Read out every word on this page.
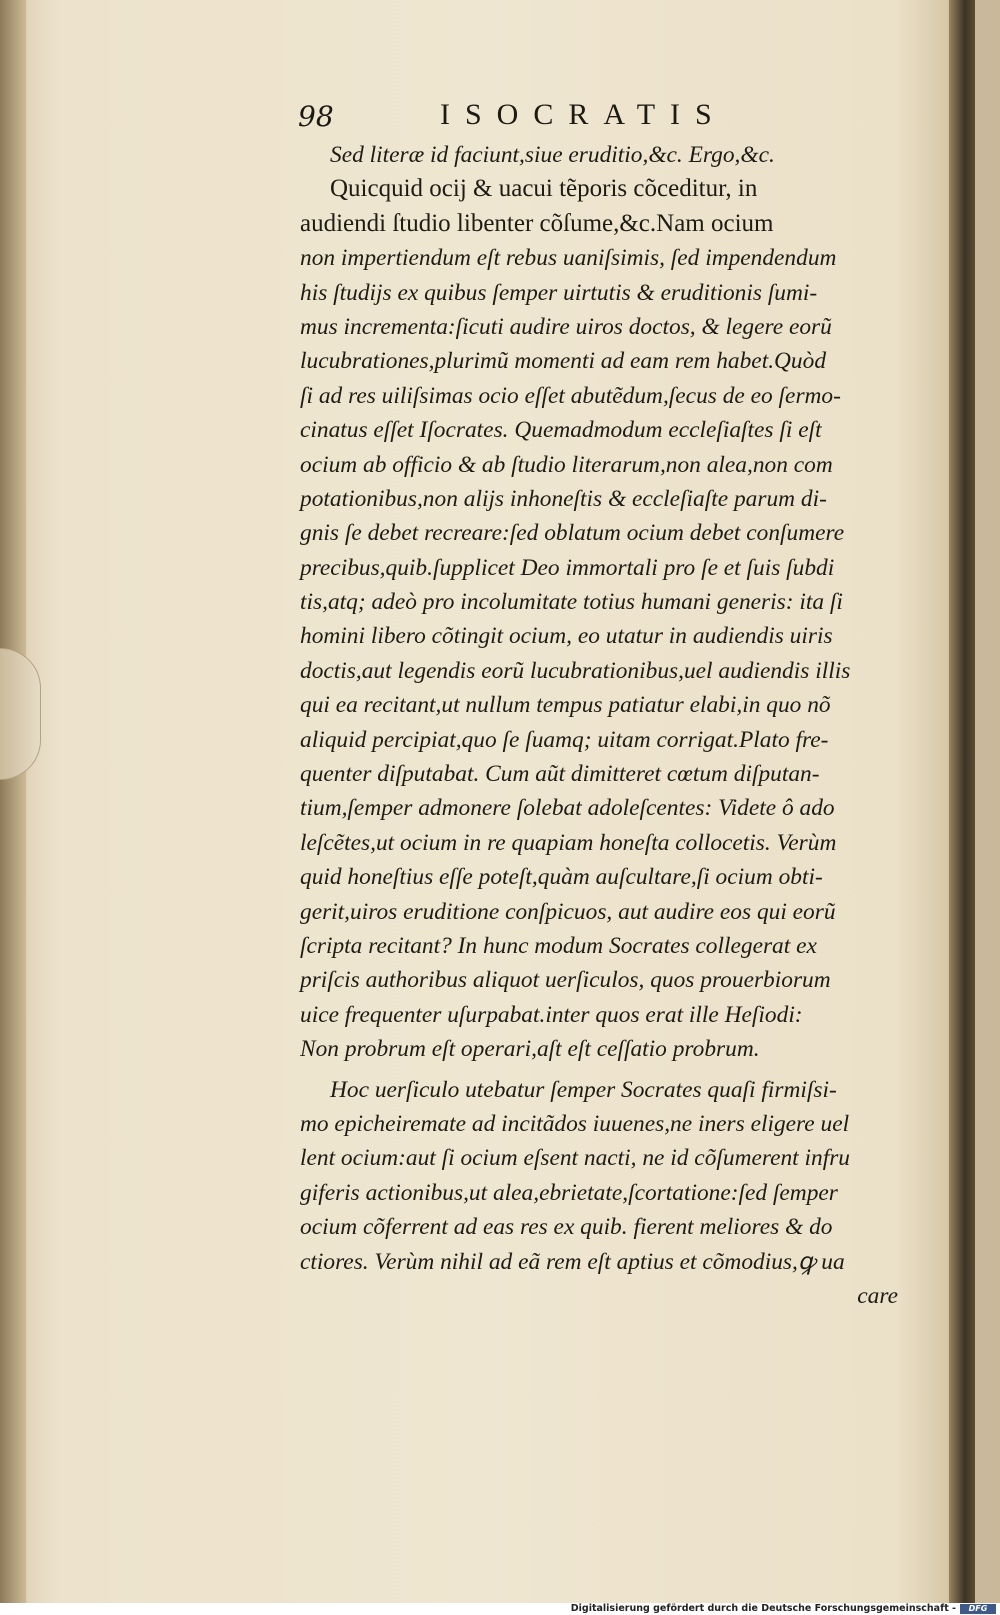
98	ISOCRATIS
Sed literæ id faciunt,siue eruditio,&c. Ergo,&c.
Quicquid ocij & uacui tẽporis cõceditur, in
audiendi ſtudio libenter cõſume,&c.Nam ocium
non impertiendum eſt rebus uaniſsimis, ſed impendendum
his ſtudijs ex quibus ſemper uirtutis & eruditionis ſumi-
mus incrementa:ſicuti audire uiros doctos, & legere eorũ
lucubrationes,plurimũ momenti ad eam rem habet.Quòd
ſi ad res uiliſsimas ocio eſſet abutẽdum,ſecus de eo ſermo-
cinatus eſſet Iſocrates. Quemadmodum eccleſiaſtes ſi eſt
ocium ab officio & ab ſtudio literarum,non alea,non com
potationibus,non alijs inhoneſtis & eccleſiaſte parum di-
gnis ſe debet recreare:ſed oblatum ocium debet conſumere
precibus,quib.ſupplicet Deo immortali pro ſe et ſuis ſubdi
tis,atq; adeò pro incolumitate totius humani generis: ita ſi
homini libero cõtingit ocium, eo utatur in audiendis uiris
doctis,aut legendis eorũ lucubrationibus,uel audiendis illis
qui ea recitant,ut nullum tempus patiatur elabi,in quo nõ
aliquid percipiat,quo ſe ſuamq; uitam corrigat.Plato fre-
quenter diſputabat. Cum aũt dimitteret cœtum diſputan-
tium,ſemper admonere ſolebat adoleſcentes: Videte ô ado
leſcẽtes,ut ocium in re quapiam honeſta collocetis. Verùm
quid honeſtius eſſe poteſt,quàm auſcultare,ſi ocium obti-
gerit,uiros eruditione conſpicuos, aut audire eos qui eorũ
ſcripta recitant? In hunc modum Socrates collegerat ex
priſcis authoribus aliquot uerſiculos, quos prouerbiorum
uice frequenter uſurpabat.inter quos erat ille Heſiodi:
Non probrum eſt operari,aſt eſt ceſſatio probrum.
Hoc uerſiculo utebatur ſemper Socrates quaſi firmiſsi-
mo epicheiremate ad incitãdos iuuenes,ne iners eligere uel
lent ocium:aut ſi ocium eſsent nacti, ne id cõſumerent infru
giferis actionibus,ut alea,ebrietate,ſcortatione:ſed ſemper
ocium cõferrent ad eas res ex quib. fierent meliores & do
ctiores. Verùm nihil ad eã rem eſt aptius et cõmodius,ꝙ ua
care
Digitalisierung gefördert durch die Deutsche Forschungsgemeinschaft -	DFG
